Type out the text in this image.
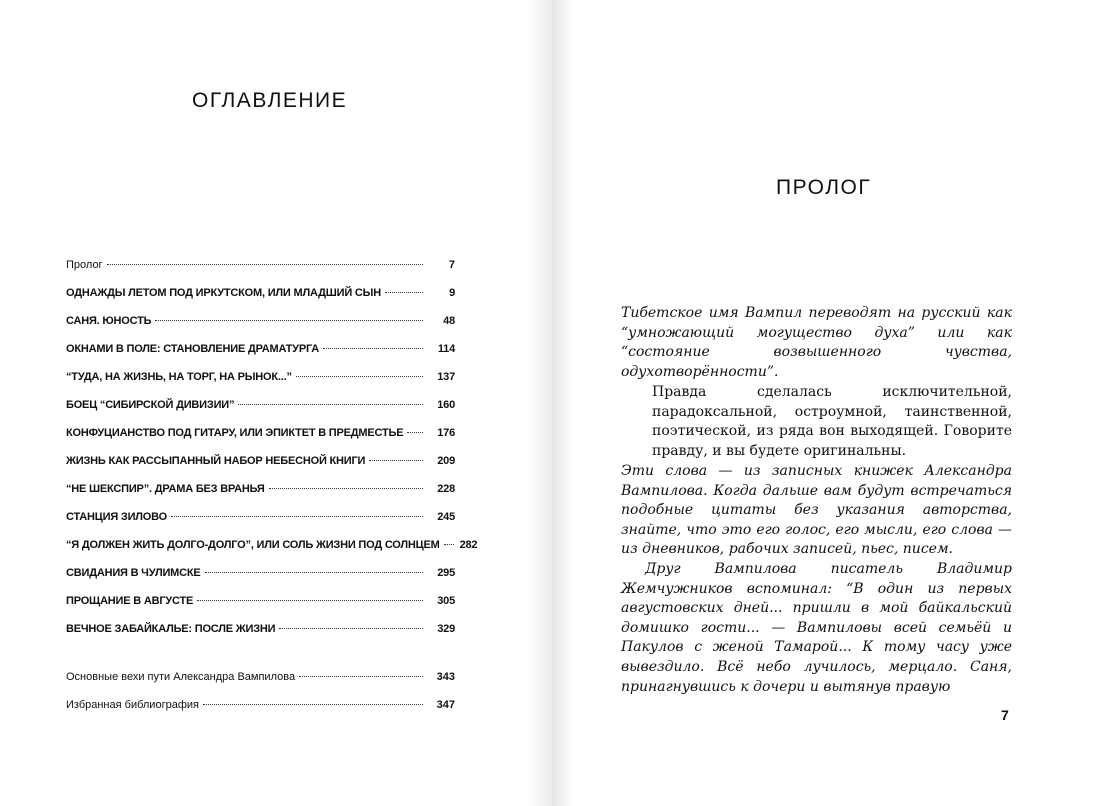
ОГЛАВЛЕНИЕ
Пролог	7
ОДНАЖДЫ ЛЕТОМ ПОД ИРКУТСКОМ, ИЛИ МЛАДШИЙ СЫН	9
САНЯ. ЮНОСТЬ	48
ОКНАМИ В ПОЛЕ: СТАНОВЛЕНИЕ ДРАМАТУРГА	114
“ТУДА, НА ЖИЗНЬ, НА ТОРГ, НА РЫНОК...”	137
БОЕЦ “СИБИРСКОЙ ДИВИЗИИ”	160
КОНФУЦИАНСТВО ПОД ГИТАРУ, ИЛИ ЭПИКТЕТ В ПРЕДМЕСТЬЕ	176
ЖИЗНЬ КАК РАССЫПАННЫЙ НАБОР НЕБЕСНОЙ КНИГИ	209
“НЕ ШЕКСПИР”. ДРАМА БЕЗ ВРАНЬЯ	228
СТАНЦИЯ ЗИЛОВО	245
“Я ДОЛЖЕН ЖИТЬ ДОЛГО-ДОЛГО”, ИЛИ СОЛЬ ЖИЗНИ ПОД СОЛНЦЕМ 282
СВИДАНИЯ В ЧУЛИМСКЕ	295
ПРОЩАНИЕ В АВГУСТЕ	305
ВЕЧНОЕ ЗАБАЙКАЛЬЕ: ПОСЛЕ ЖИЗНИ	329
Основные вехи пути Александра Вампилова	343
Избранная библиография	347
ПРОЛОГ

Тибетское имя Вампил переводят на русский как “умножающий могущество духа” или как “состояние возвышенного чувства, одухотворённости”.

Правда сделалась исключительной, парадоксальной, остроумной, таинственной, поэтической, из ряда вон выходящей. Говорите правду, и вы будете оригинальны.

Эти слова — из записных книжек Александра Вампилова. Когда дальше вам будут встречаться подобные цитаты без указания авторства, знайте, что это его голос, его мысли, его слова — из дневников, рабочих записей, пьес, писем.

Друг Вампилова писатель Владимир Жемчужников вспоминал: “В один из первых августовских дней... пришли в мой байкальский домишко гости... — Вампиловы всей семьёй и Пакулов с женой Тамарой... К тому часу уже вывездило. Всё небо лучилось, мерцало. Саня, принагнувшись к дочери и вытянув правую

7
